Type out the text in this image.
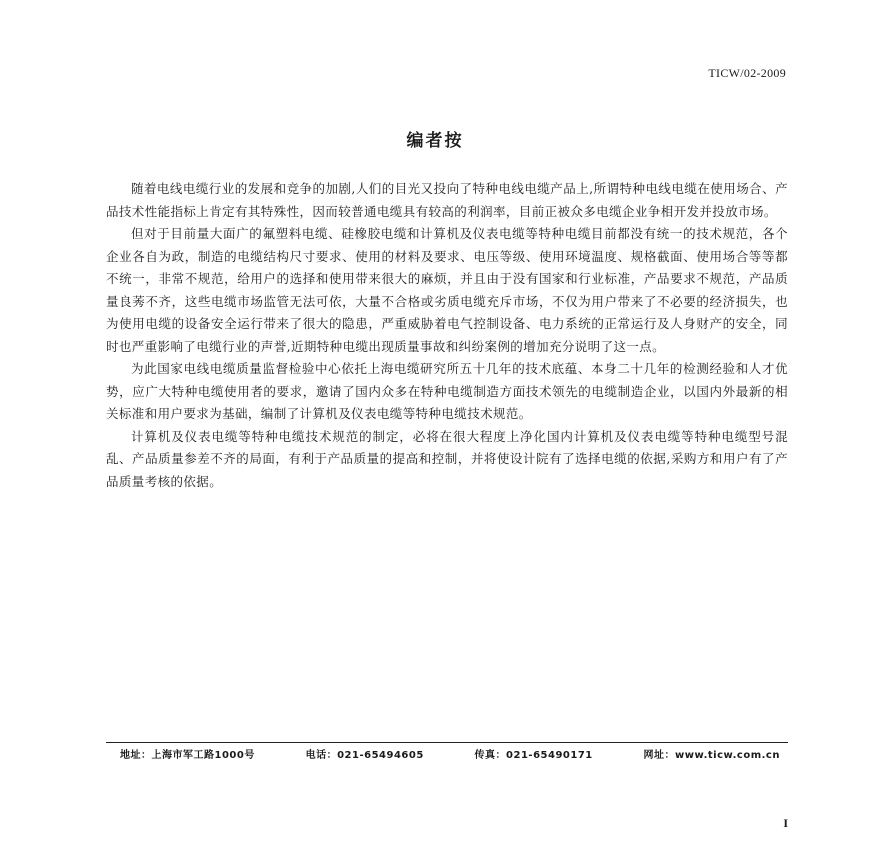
TICW/02-2009
编者按

随着电线电缆行业的发展和竞争的加剧,人们的目光又投向了特种电线电缆产品上,所谓特种电线电缆在使用场合、产品技术性能指标上肯定有其特殊性，因而较普通电缆具有较高的利润率，目前正被众多电缆企业争相开发并投放市场。

但对于目前量大面广的氟塑料电缆、硅橡胶电缆和计算机及仪表电缆等特种电缆目前都没有统一的技术规范，各个企业各自为政，制造的电缆结构尺寸要求、使用的材料及要求、电压等级、使用环境温度、规格截面、使用场合等等都不统一，非常不规范，给用户的选择和使用带来很大的麻烦，并且由于没有国家和行业标准，产品要求不规范，产品质量良莠不齐，这些电缆市场监管无法可依，大量不合格或劣质电缆充斥市场，不仅为用户带来了不必要的经济损失，也为使用电缆的设备安全运行带来了很大的隐患，严重威胁着电气控制设备、电力系统的正常运行及人身财产的安全，同时也严重影响了电缆行业的声誉,近期特种电缆出现质量事故和纠纷案例的增加充分说明了这一点。

为此国家电线电缆质量监督检验中心依托上海电缆研究所五十几年的技术底蕴、本身二十几年的检测经验和人才优势，应广大特种电缆使用者的要求，邀请了国内众多在特种电缆制造方面技术领先的电缆制造企业，以国内外最新的相关标准和用户要求为基础，编制了计算机及仪表电缆等特种电缆技术规范。

计算机及仪表电缆等特种电缆技术规范的制定，必将在很大程度上净化国内计算机及仪表电缆等特种电缆型号混乱、产品质量参差不齐的局面，有利于产品质量的提高和控制，并将使设计院有了选择电缆的依据,采购方和用户有了产品质量考核的依据。

地址：上海市军工路1000号	电话：021-65494605	传真：021-65490171	网址：www.ticw.com.cn
I
